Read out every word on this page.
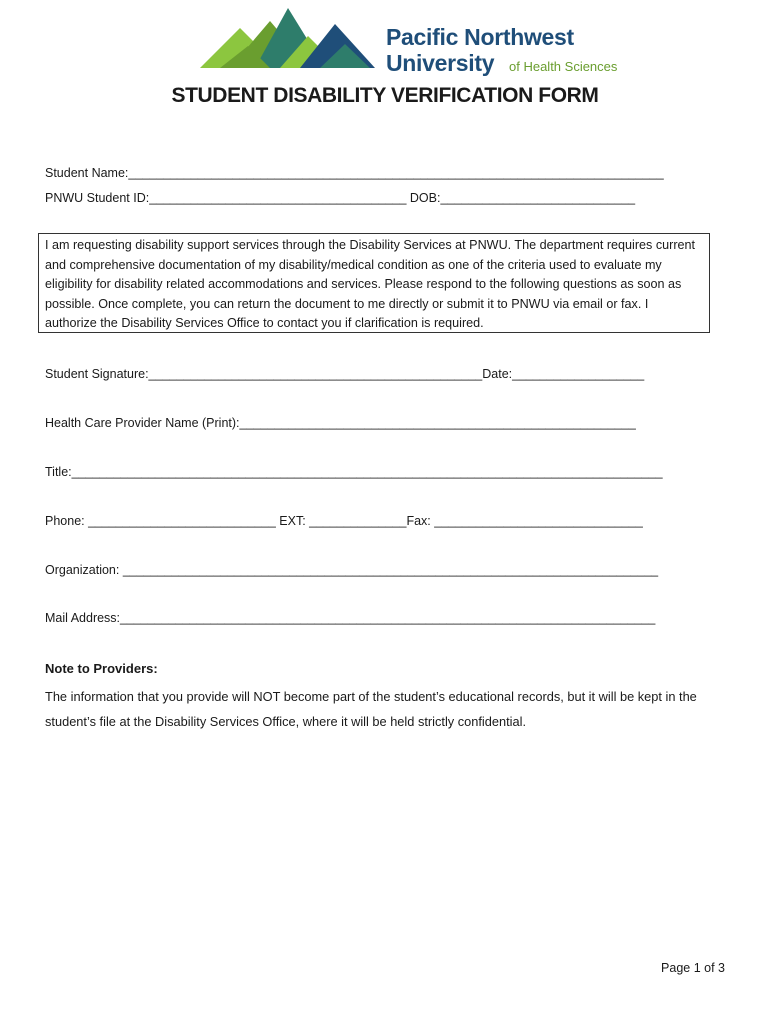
Pacific Northwest
University of Health Sciences
STUDENT DISABILITY VERIFICATION FORM
Student Name:_____________________________________________________________________________
PNWU Student ID:_____________________________________ DOB:____________________________
I am requesting disability support services through the Disability Services at PNWU. The department requires current and comprehensive documentation of my disability/medical condition as one of the criteria used to evaluate my eligibility for disability related accommodations and services. Please respond to the following questions as soon as possible. Once complete, you can return the document to me directly or submit it to PNWU via email or fax. I authorize the Disability Services Office to contact you if clarification is required.
Student Signature:________________________________________________Date:___________________
Health Care Provider Name (Print):_________________________________________________________
Title:_____________________________________________________________________________________
Phone: ___________________________ EXT: ______________Fax: ______________________________
Organization: _____________________________________________________________________________
Mail Address:_____________________________________________________________________________
Note to Providers:
The information that you provide will NOT become part of the student’s educational records, but it will be kept in the student’s file at the Disability Services Office, where it will be held strictly confidential.
Page 1 of 3
